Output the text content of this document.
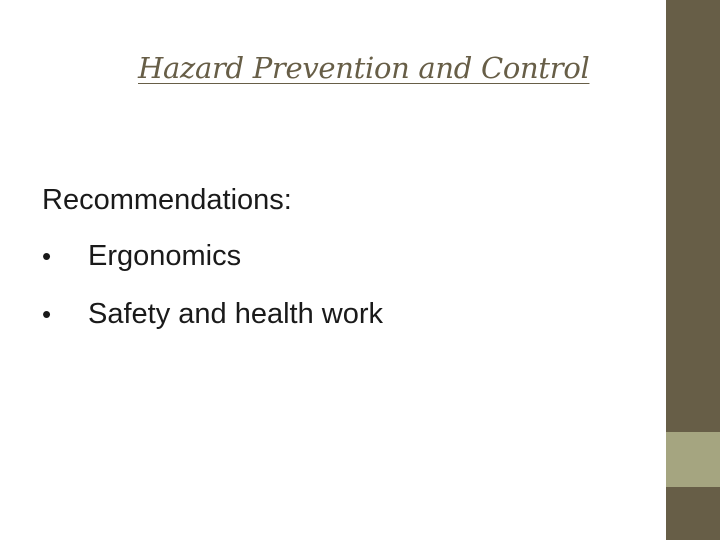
Hazard Prevention and Control

Recommendations:

•	Ergonomics
•	Safety and health work
